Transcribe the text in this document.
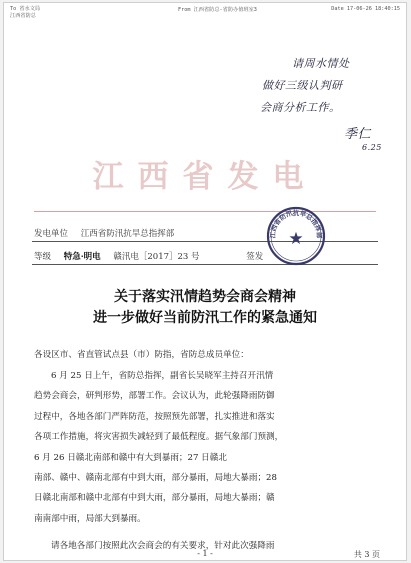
To 省水文局
江西省防总
From 江西省防总-省防办值班室3	Date 17-06-26 18:40:15
请周水情处
做好三级认判研
会商分析工作。
季仁
6.25
江西省发电
发电单位 江西省防汛抗旱总指挥部
等级 特急·明电 赣汛电［2017］23 号	签发
江西省防汛抗旱总指挥部
★
关于落实汛情趋势会商会精神
进一步做好当前防汛工作的紧急通知
各设区市、省直管试点县（市）防指，省防总成员单位：
6 月 25 日上午，省防总指挥，副省长吴晓军主持召开汛情
趋势会商会，研判形势，部署工作。会议认为，此轮强降雨防御
过程中，各地各部门严阵防范，按照预先部署，扎实推进和落实
各项工作措施，将灾害损失减轻到了最低程度。据气象部门预测，
6 月 26 日赣北南部和赣中有大到暴雨；27 日赣北
南部、赣中、赣南北部有中到大雨，部分暴雨，局地大暴雨；28
日赣北南部和赣中北部有中到大雨，部分暴雨，局地大暴雨；赣
南南部中雨，局部大到暴雨。
请各地各部门按照此次会商会的有关要求，针对此次强降雨
- 1 -	共 3 页
